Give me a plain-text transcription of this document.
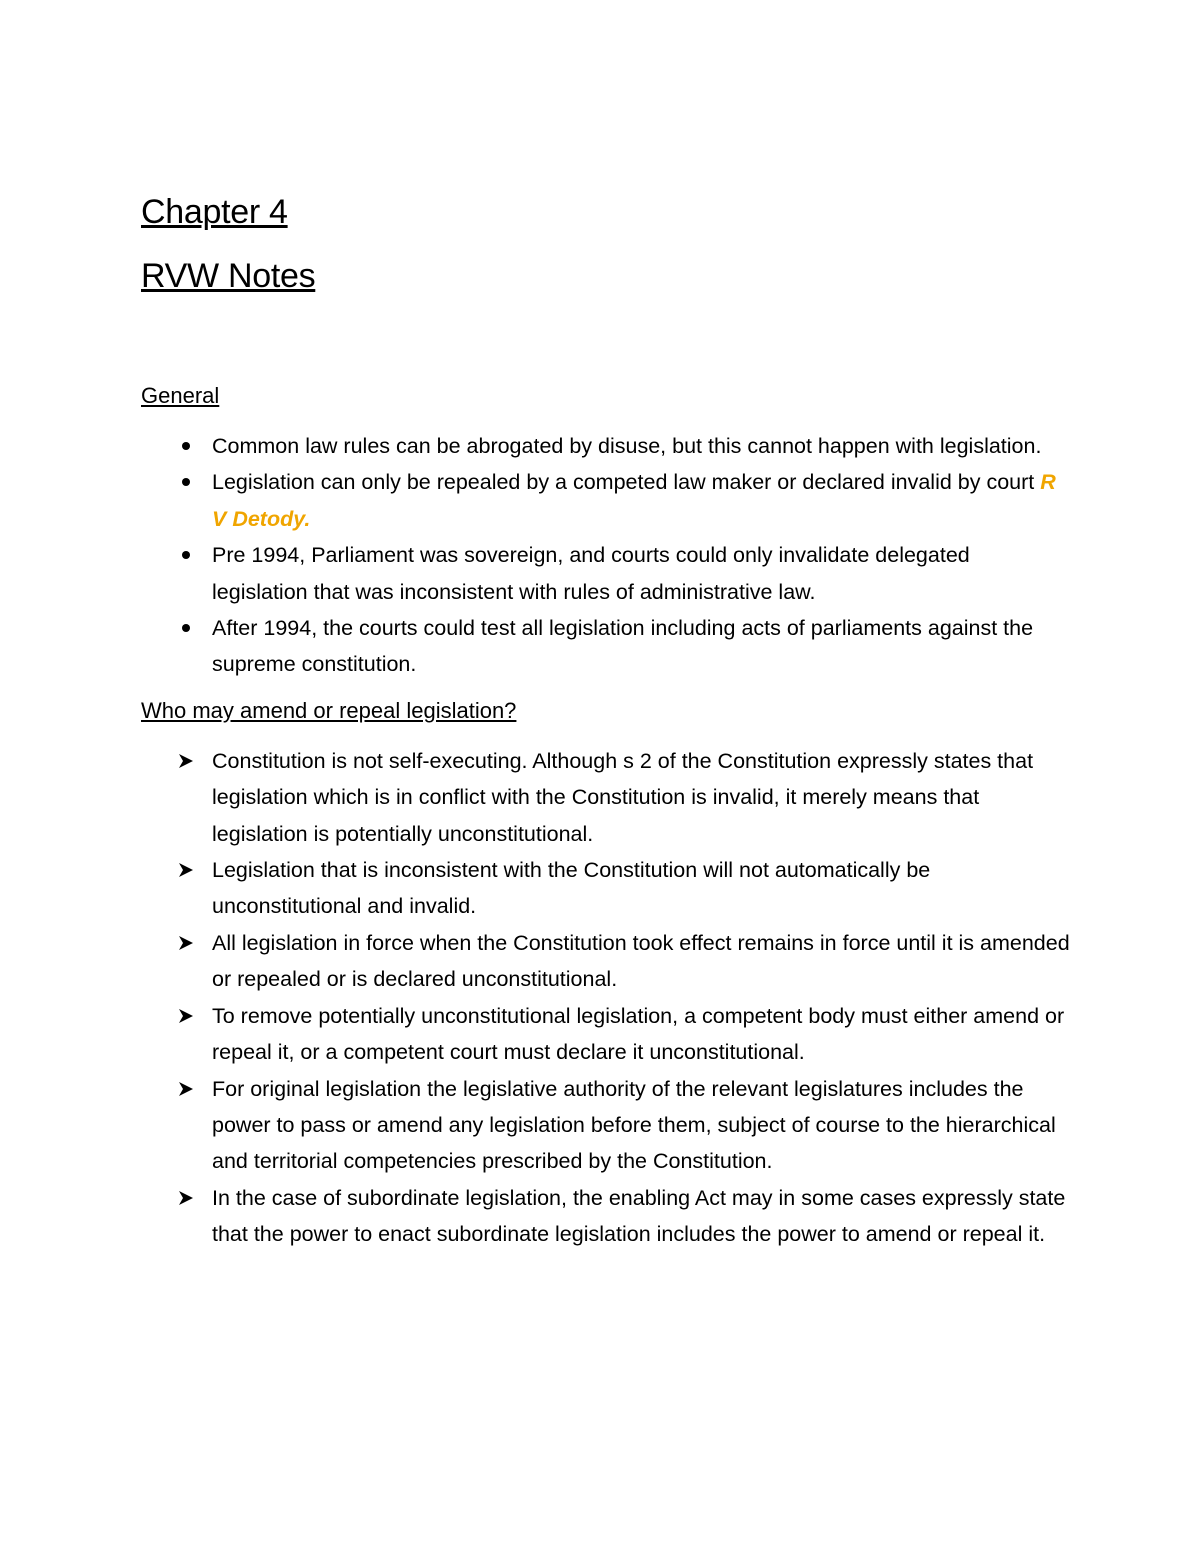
Chapter 4
RVW Notes
General
Common law rules can be abrogated by disuse, but this cannot happen with legislation.
Legislation can only be repealed by a competed law maker or declared invalid by court R V Detody.
Pre 1994, Parliament was sovereign, and courts could only invalidate delegated legislation that was inconsistent with rules of administrative law.
After 1994, the courts could test all legislation including acts of parliaments against the supreme constitution.
Who may amend or repeal legislation?
Constitution is not self-executing. Although s 2 of the Constitution expressly states that legislation which is in conflict with the Constitution is invalid, it merely means that legislation is potentially unconstitutional.
Legislation that is inconsistent with the Constitution will not automatically be unconstitutional and invalid.
All legislation in force when the Constitution took effect remains in force until it is amended or repealed or is declared unconstitutional.
To remove potentially unconstitutional legislation, a competent body must either amend or repeal it, or a competent court must declare it unconstitutional.
For original legislation the legislative authority of the relevant legislatures includes the power to pass or amend any legislation before them, subject of course to the hierarchical and territorial competencies prescribed by the Constitution.
In the case of subordinate legislation, the enabling Act may in some cases expressly state that the power to enact subordinate legislation includes the power to amend or repeal it.
